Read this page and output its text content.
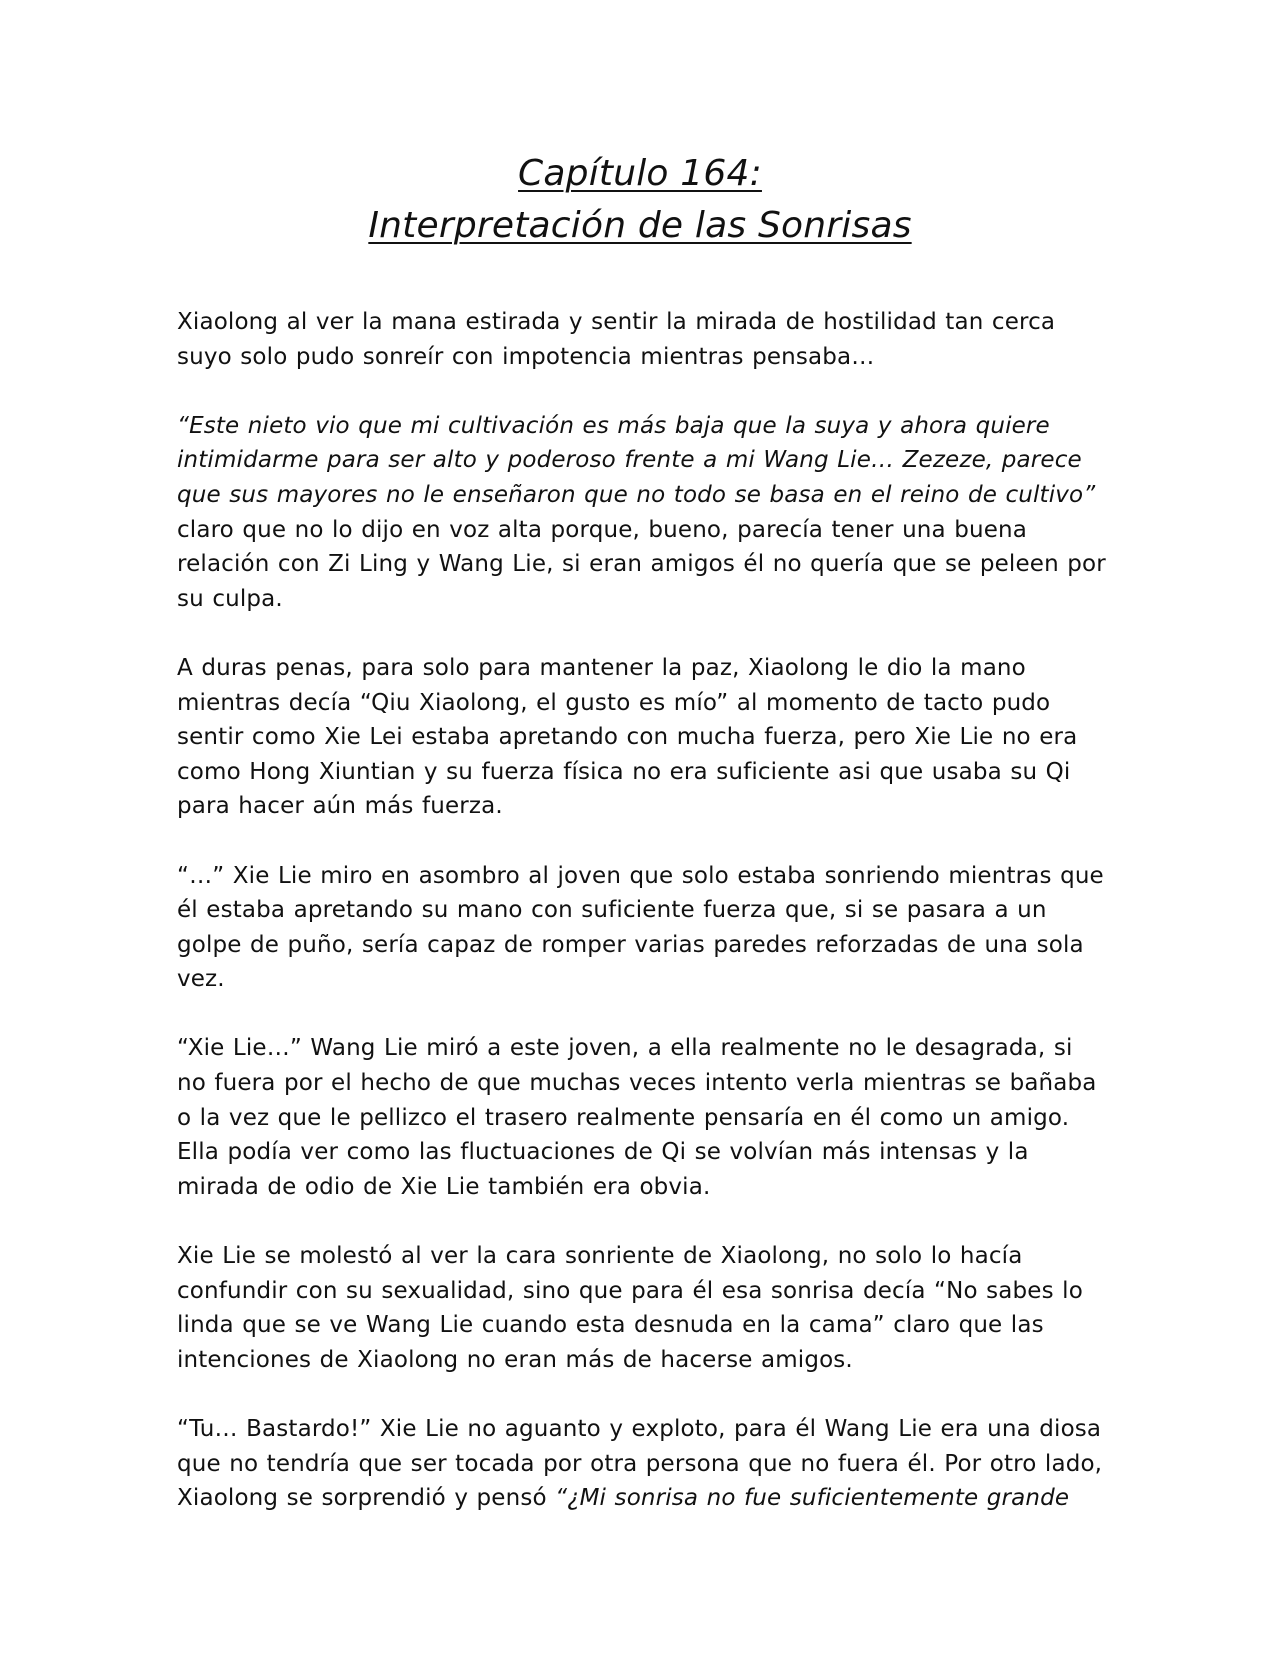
Capítulo 164:
Interpretación de las Sonrisas

Xiaolong al ver la mana estirada y sentir la mirada de hostilidad tan cerca suyo solo pudo sonreír con impotencia mientras pensaba…

“Este nieto vio que mi cultivación es más baja que la suya y ahora quiere intimidarme para ser alto y poderoso frente a mi Wang Lie… Zezeze, parece que sus mayores no le enseñaron que no todo se basa en el reino de cultivo” claro que no lo dijo en voz alta porque, bueno, parecía tener una buena relación con Zi Ling y Wang Lie, si eran amigos él no quería que se peleen por su culpa.

A duras penas, para solo para mantener la paz, Xiaolong le dio la mano mientras decía “Qiu Xiaolong, el gusto es mío” al momento de tacto pudo sentir como Xie Lei estaba apretando con mucha fuerza, pero Xie Lie no era como Hong Xiuntian y su fuerza física no era suficiente asi que usaba su Qi para hacer aún más fuerza.

“…” Xie Lie miro en asombro al joven que solo estaba sonriendo mientras que él estaba apretando su mano con suficiente fuerza que, si se pasara a un golpe de puño, sería capaz de romper varias paredes reforzadas de una sola vez.

“Xie Lie…” Wang Lie miró a este joven, a ella realmente no le desagrada, si no fuera por el hecho de que muchas veces intento verla mientras se bañaba o la vez que le pellizco el trasero realmente pensaría en él como un amigo. Ella podía ver como las fluctuaciones de Qi se volvían más intensas y la mirada de odio de Xie Lie también era obvia.

Xie Lie se molestó al ver la cara sonriente de Xiaolong, no solo lo hacía confundir con su sexualidad, sino que para él esa sonrisa decía “No sabes lo linda que se ve Wang Lie cuando esta desnuda en la cama” claro que las intenciones de Xiaolong no eran más de hacerse amigos.

“Tu… Bastardo!” Xie Lie no aguanto y exploto, para él Wang Lie era una diosa que no tendría que ser tocada por otra persona que no fuera él. Por otro lado, Xiaolong se sorprendió y pensó “¿Mi sonrisa no fue suficientemente grande
